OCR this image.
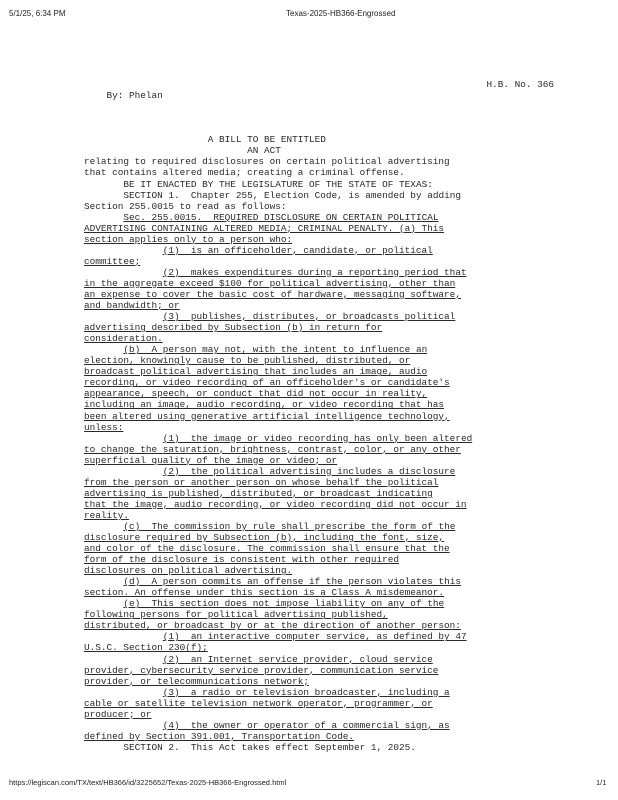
5/1/25, 6:34 PM	Texas-2025-HB366-Engrossed

By: Phelan

H.B. No. 366

A BILL TO BE ENTITLED
AN ACT
relating to required disclosures on certain political advertising
that contains altered media; creating a criminal offense.
BE IT ENACTED BY THE LEGISLATURE OF THE STATE OF TEXAS:
SECTION 1.  Chapter 255, Election Code, is amended by adding
Section 255.0015 to read as follows:
Sec. 255.0015.  REQUIRED DISCLOSURE ON CERTAIN POLITICAL
ADVERTISING CONTAINING ALTERED MEDIA; CRIMINAL PENALTY. (a) This
section applies only to a person who:
(1)  is an officeholder, candidate, or political
committee;
(2)  makes expenditures during a reporting period that
in the aggregate exceed $100 for political advertising, other than
an expense to cover the basic cost of hardware, messaging software,
and bandwidth; or
(3)  publishes, distributes, or broadcasts political
advertising described by Subsection (b) in return for
consideration.
(b)  A person may not, with the intent to influence an
election, knowingly cause to be published, distributed, or
broadcast political advertising that includes an image, audio
recording, or video recording of an officeholder's or candidate's
appearance, speech, or conduct that did not occur in reality,
including an image, audio recording, or video recording that has
been altered using generative artificial intelligence technology,
unless:
(1)  the image or video recording has only been altered
to change the saturation, brightness, contrast, color, or any other
superficial quality of the image or video; or
(2)  the political advertising includes a disclosure
from the person or another person on whose behalf the political
advertising is published, distributed, or broadcast indicating
that the image, audio recording, or video recording did not occur in
reality.
(c)  The commission by rule shall prescribe the form of the
disclosure required by Subsection (b), including the font, size,
and color of the disclosure. The commission shall ensure that the
form of the disclosure is consistent with other required
disclosures on political advertising.
(d)  A person commits an offense if the person violates this
section. An offense under this section is a Class A misdemeanor.
(e)  This section does not impose liability on any of the
following persons for political advertising published,
distributed, or broadcast by or at the direction of another person:
(1)  an interactive computer service, as defined by 47
U.S.C. Section 230(f);
(2)  an Internet service provider, cloud service
provider, cybersecurity service provider, communication service
provider, or telecommunications network;
(3)  a radio or television broadcaster, including a
cable or satellite television network operator, programmer, or
producer; or
(4)  the owner or operator of a commercial sign, as
defined by Section 391.001, Transportation Code.
SECTION 2.  This Act takes effect September 1, 2025.

https://legiscan.com/TX/text/HB366/id/3225652/Texas-2025-HB366-Engrossed.html	1/1
